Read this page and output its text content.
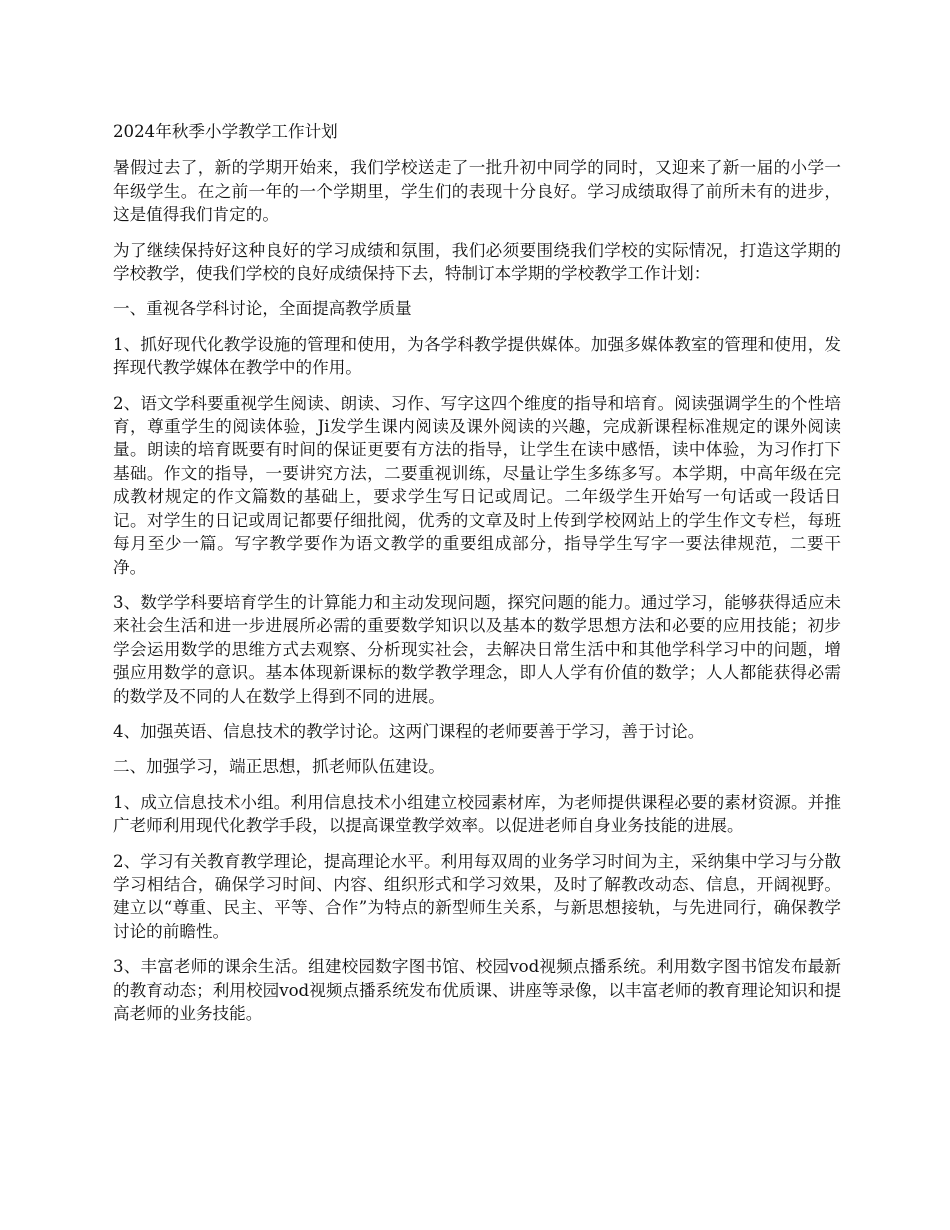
2024年秋季小学教学工作计划

暑假过去了，新的学期开始来，我们学校送走了一批升初中同学的同时，又迎来了新一届的小学一年级学生。在之前一年的一个学期里，学生们的表现十分良好。学习成绩取得了前所未有的进步，这是值得我们肯定的。

为了继续保持好这种良好的学习成绩和氛围，我们必须要围绕我们学校的实际情况，打造这学期的学校教学，使我们学校的良好成绩保持下去，特制订本学期的学校教学工作计划：

一、重视各学科讨论，全面提高教学质量

1、抓好现代化教学设施的管理和使用，为各学科教学提供媒体。加强多媒体教室的管理和使用，发挥现代教学媒体在教学中的作用。

2、语文学科要重视学生阅读、朗读、习作、写字这四个维度的指导和培育。阅读强调学生的个性培育，尊重学生的阅读体验，Ji发学生课内阅读及课外阅读的兴趣，完成新课程标准规定的课外阅读量。朗读的培育既要有时间的保证更要有方法的指导，让学生在读中感悟，读中体验，为习作打下基础。作文的指导，一要讲究方法，二要重视训练，尽量让学生多练多写。本学期，中高年级在完成教材规定的作文篇数的基础上，要求学生写日记或周记。二年级学生开始写一句话或一段话日记。对学生的日记或周记都要仔细批阅，优秀的文章及时上传到学校网站上的学生作文专栏，每班每月至少一篇。写字教学要作为语文教学的重要组成部分，指导学生写字一要法律规范，二要干净。

3、数学学科要培育学生的计算能力和主动发现问题，探究问题的能力。通过学习，能够获得适应未来社会生活和进一步进展所必需的重要数学知识以及基本的数学思想方法和必要的应用技能；初步学会运用数学的思维方式去观察、分析现实社会，去解决日常生活中和其他学科学习中的问题，增强应用数学的意识。基本体现新课标的数学教学理念，即人人学有价值的数学；人人都能获得必需的数学及不同的人在数学上得到不同的进展。

4、加强英语、信息技术的教学讨论。这两门课程的老师要善于学习，善于讨论。

二、加强学习，端正思想，抓老师队伍建设。

1、成立信息技术小组。利用信息技术小组建立校园素材库，为老师提供课程必要的素材资源。并推广老师利用现代化教学手段，以提高课堂教学效率。以促进老师自身业务技能的进展。

2、学习有关教育教学理论，提高理论水平。利用每双周的业务学习时间为主，采纳集中学习与分散学习相结合，确保学习时间、内容、组织形式和学习效果，及时了解教改动态、信息，开阔视野。建立以“尊重、民主、平等、合作”为特点的新型师生关系，与新思想接轨，与先进同行，确保教学讨论的前瞻性。

3、丰富老师的课余生活。组建校园数字图书馆、校园vod视频点播系统。利用数字图书馆发布最新的教育动态；利用校园vod视频点播系统发布优质课、讲座等录像，以丰富老师的教育理论知识和提高老师的业务技能。
